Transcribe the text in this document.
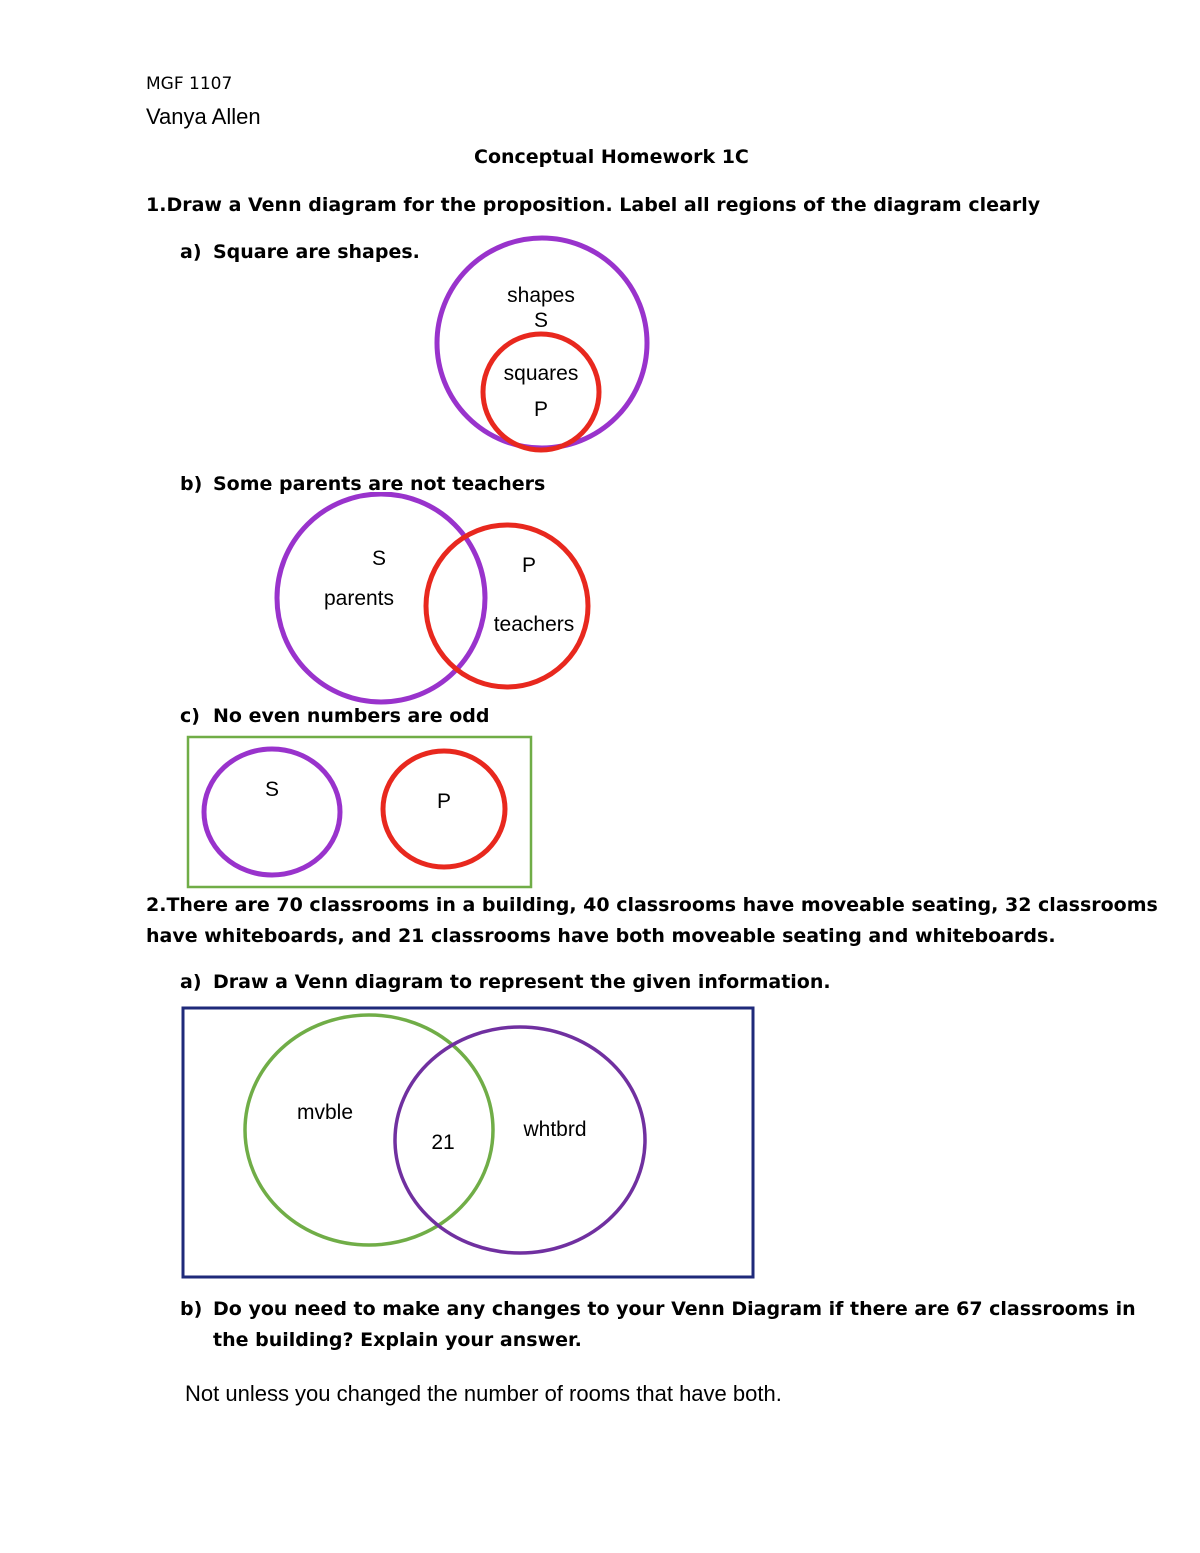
MGF 1107
Vanya Allen
Conceptual Homework 1C
1.Draw a Venn diagram for the proposition. Label all regions of the diagram clearly
a) Square are shapes.
shapes
S
squares
P
b) Some parents are not teachers
S
parents
P
teachers
c) No even numbers are odd
S
P
2.There are 70 classrooms in a building, 40 classrooms have moveable seating, 32 classrooms
have whiteboards, and 21 classrooms have both moveable seating and whiteboards.
a) Draw a Venn diagram to represent the given information.
mvble
21
whtbrd
b) Do you need to make any changes to your Venn Diagram if there are 67 classrooms in
the building? Explain your answer.
Not unless you changed the number of rooms that have both.
